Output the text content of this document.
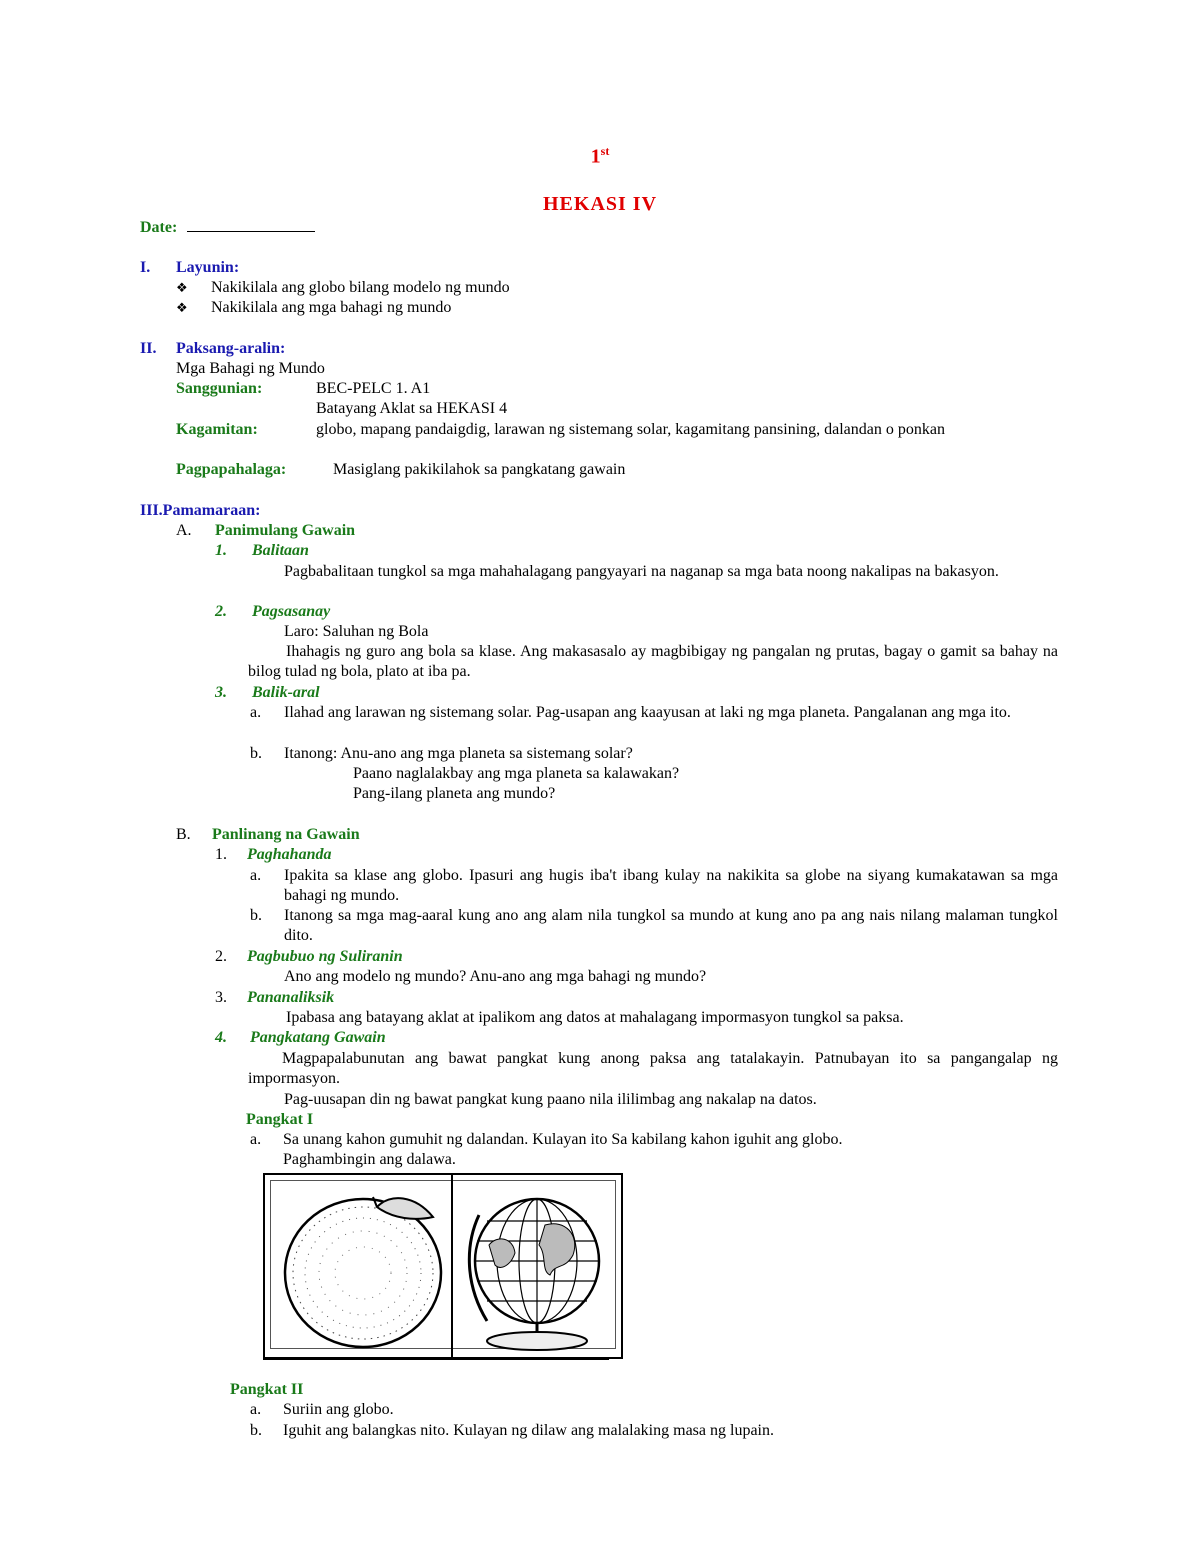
1st
HEKASI IV
Date:
I. Layunin:
❖ Nakikilala ang globo bilang modelo ng mundo
❖ Nakikilala ang mga bahagi ng mundo
II. Paksang-aralin:
Mga Bahagi ng Mundo
Sanggunian:	BEC-PELC 1. A1
Batayang Aklat sa HEKASI 4
Kagamitan:	globo, mapang pandaigdig, larawan ng sistemang solar, kagamitang pansining, dalandan o ponkan
Pagpapahalaga:	Masiglang pakikilahok sa pangkatang gawain
III.Pamamaraan:
A. Panimulang Gawain
1. Balitaan
Pagbabalitaan tungkol sa mga mahahalagang pangyayari na naganap sa mga bata noong nakalipas na bakasyon.
2. Pagsasanay
Laro: Saluhan ng Bola
Ihahagis ng guro ang bola sa klase. Ang makasasalo ay magbibigay ng pangalan ng prutas, bagay o gamit sa bahay na bilog tulad ng bola, plato at iba pa.
3. Balik-aral
a. Ilahad ang larawan ng sistemang solar. Pag-usapan ang kaayusan at laki ng mga planeta. Pangalanan ang mga ito.
b. Itanong: Anu-ano ang mga planeta sa sistemang solar?
Paano naglalakbay ang mga planeta sa kalawakan?
Pang-ilang planeta ang mundo?
B. Panlinang na Gawain
1. Paghahanda
a. Ipakita sa klase ang globo. Ipasuri ang hugis iba't ibang kulay na nakikita sa globe na siyang kumakatawan sa mga bahagi ng mundo.
b. Itanong sa mga mag-aaral kung ano ang alam nila tungkol sa mundo at kung ano pa ang nais nilang malaman tungkol dito.
2. Pagbubuo ng Suliranin
Ano ang modelo ng mundo? Anu-ano ang mga bahagi ng mundo?
3. Pananaliksik
Ipabasa ang batayang aklat at ipalikom ang datos at mahalagang impormasyon tungkol sa paksa.
4. Pangkatang Gawain
Magpapalabunutan ang bawat pangkat kung anong paksa ang tatalakayin. Patnubayan ito sa pangangalap ng impormasyon.
Pag-uusapan din ng bawat pangkat kung paano nila ililimbag ang nakalap na datos.
Pangkat I
a. Sa unang kahon gumuhit ng dalandan. Kulayan ito Sa kabilang kahon iguhit ang globo.
Paghambingin ang dalawa.
Pangkat II
a. Suriin ang globo.
b. Iguhit ang balangkas nito. Kulayan ng dilaw ang malalaking masa ng lupain.
